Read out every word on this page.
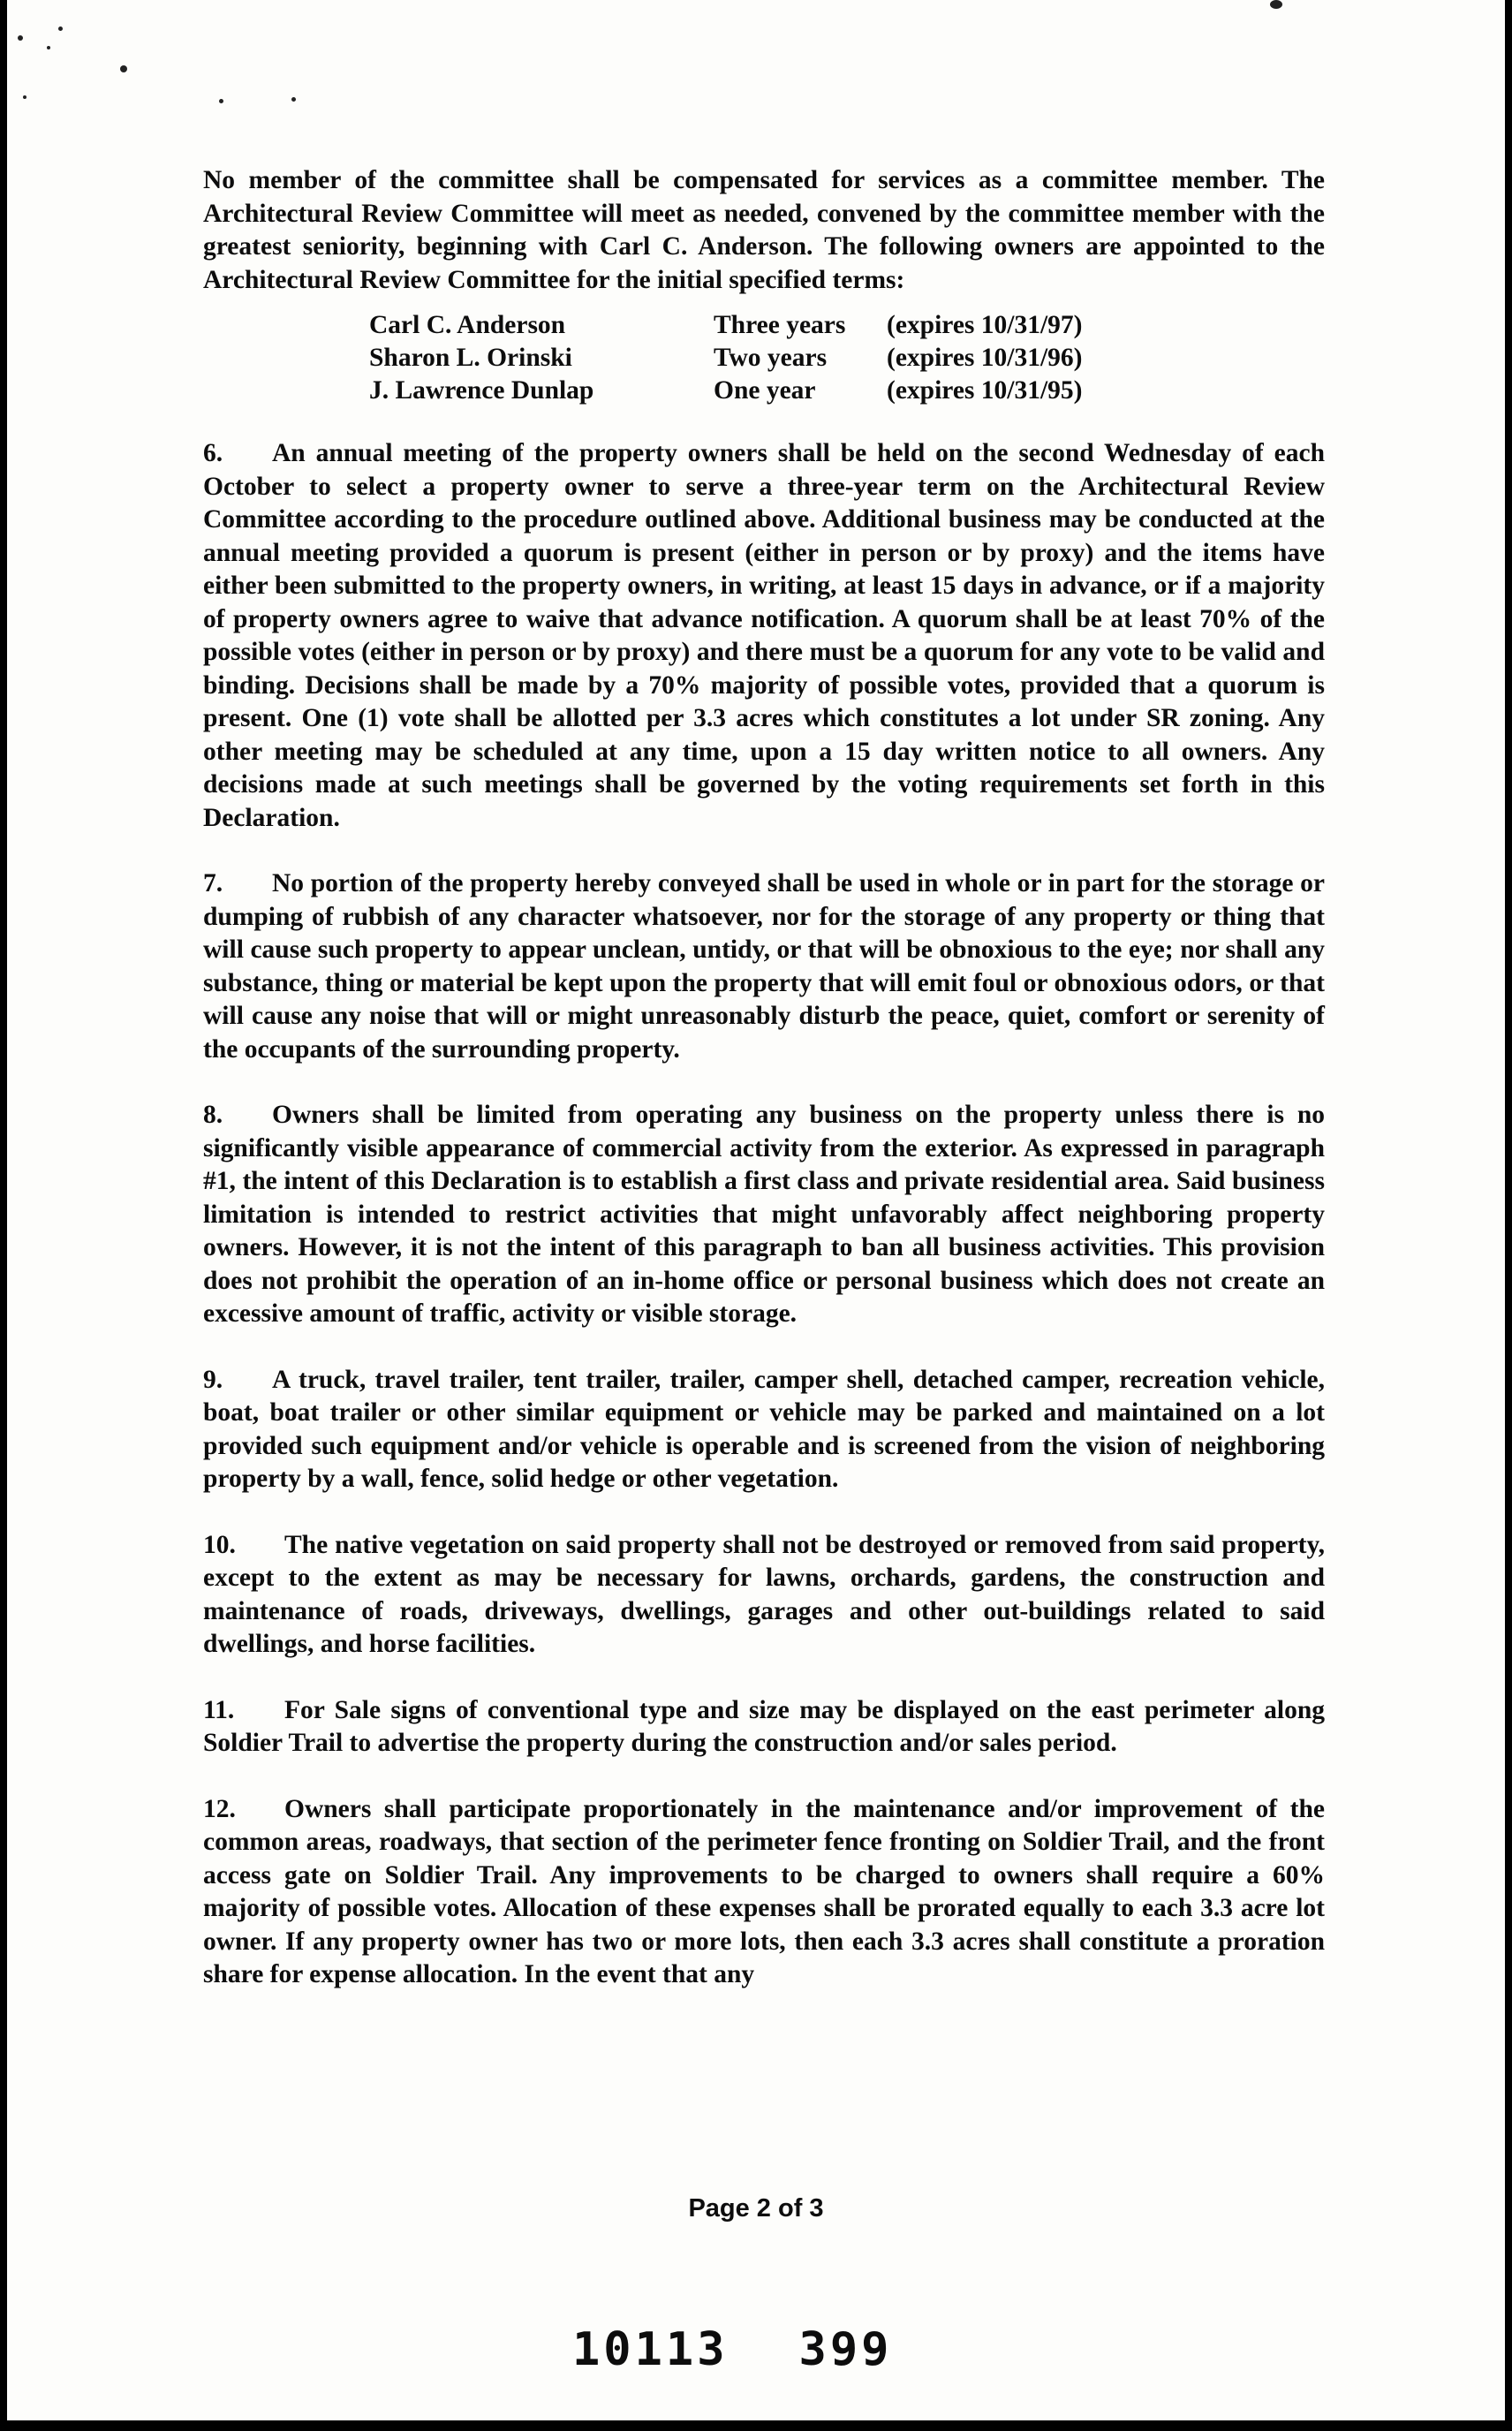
No member of the committee shall be compensated for services as a committee member. The Architectural Review Committee will meet as needed, convened by the committee member with the greatest seniority, beginning with Carl C. Anderson. The following owners are appointed to the Architectural Review Committee for the initial specified terms:

Carl C. Anderson	Three years	(expires 10/31/97)
Sharon L. Orinski	Two years	(expires 10/31/96)
J. Lawrence Dunlap	One year	(expires 10/31/95)

6. An annual meeting of the property owners shall be held on the second Wednesday of each October to select a property owner to serve a three-year term on the Architectural Review Committee according to the procedure outlined above. Additional business may be conducted at the annual meeting provided a quorum is present (either in person or by proxy) and the items have either been submitted to the property owners, in writing, at least 15 days in advance, or if a majority of property owners agree to waive that advance notification. A quorum shall be at least 70% of the possible votes (either in person or by proxy) and there must be a quorum for any vote to be valid and binding. Decisions shall be made by a 70% majority of possible votes, provided that a quorum is present. One (1) vote shall be allotted per 3.3 acres which constitutes a lot under SR zoning. Any other meeting may be scheduled at any time, upon a 15 day written notice to all owners. Any decisions made at such meetings shall be governed by the voting requirements set forth in this Declaration.

7. No portion of the property hereby conveyed shall be used in whole or in part for the storage or dumping of rubbish of any character whatsoever, nor for the storage of any property or thing that will cause such property to appear unclean, untidy, or that will be obnoxious to the eye; nor shall any substance, thing or material be kept upon the property that will emit foul or obnoxious odors, or that will cause any noise that will or might unreasonably disturb the peace, quiet, comfort or serenity of the occupants of the surrounding property.

8. Owners shall be limited from operating any business on the property unless there is no significantly visible appearance of commercial activity from the exterior. As expressed in paragraph #1, the intent of this Declaration is to establish a first class and private residential area. Said business limitation is intended to restrict activities that might unfavorably affect neighboring property owners. However, it is not the intent of this paragraph to ban all business activities. This provision does not prohibit the operation of an in-home office or personal business which does not create an excessive amount of traffic, activity or visible storage.

9. A truck, travel trailer, tent trailer, trailer, camper shell, detached camper, recreation vehicle, boat, boat trailer or other similar equipment or vehicle may be parked and maintained on a lot provided such equipment and/or vehicle is operable and is screened from the vision of neighboring property by a wall, fence, solid hedge or other vegetation.

10. The native vegetation on said property shall not be destroyed or removed from said property, except to the extent as may be necessary for lawns, orchards, gardens, the construction and maintenance of roads, driveways, dwellings, garages and other out-buildings related to said dwellings, and horse facilities.

11. For Sale signs of conventional type and size may be displayed on the east perimeter along Soldier Trail to advertise the property during the construction and/or sales period.

12. Owners shall participate proportionately in the maintenance and/or improvement of the common areas, roadways, that section of the perimeter fence fronting on Soldier Trail, and the front access gate on Soldier Trail. Any improvements to be charged to owners shall require a 60% majority of possible votes. Allocation of these expenses shall be prorated equally to each 3.3 acre lot owner. If any property owner has two or more lots, then each 3.3 acres shall constitute a proration share for expense allocation. In the event that any

Page 2 of 3
10113 399
